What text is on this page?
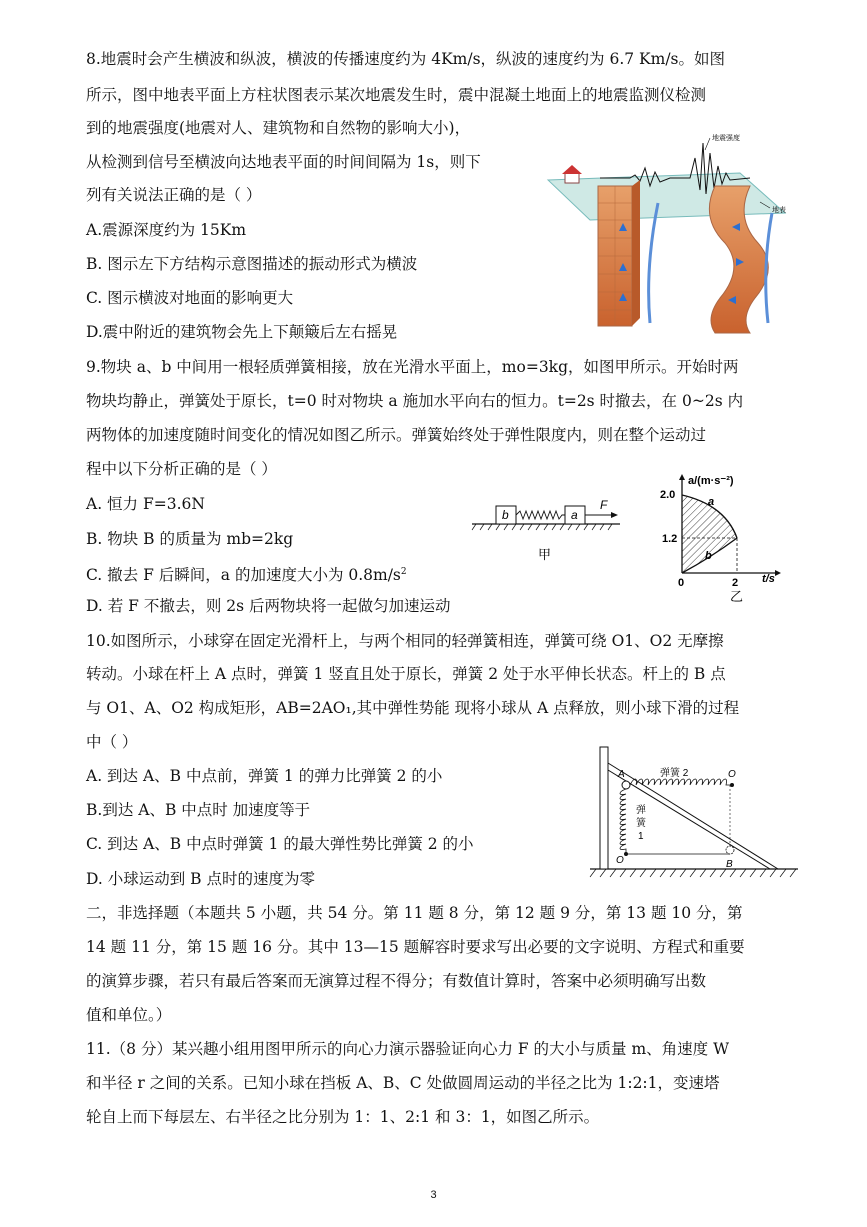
8.地震时会产生横波和纵波，横波的传播速度约为 4Km/s，纵波的速度约为 6.7 Km/s。如图
所示，图中地表平面上方柱状图表示某次地震发生时，震中混凝土地面上的地震监测仪检测
到的地震强度(地震对人、建筑物和自然物的影响大小)，
从检测到信号至横波向达地表平面的时间间隔为 1s，则下
列有关说法正确的是（ ）
A.震源深度约为 15Km
B. 图示左下方结构示意图描述的振动形式为横波
C. 图示横波对地面的影响更大
D.震中附近的建筑物会先上下颠簸后左右摇晃
地震强度
地表
9.物块 a、b 中间用一根轻质弹簧相接，放在光滑水平面上，mo=3kg，如图甲所示。开始时两
物块均静止，弹簧处于原长，t=0 时对物块 a 施加水平向右的恒力。t=2s 时撤去，在 0~2s 内
两物体的加速度随时间变化的情况如图乙所示。弹簧始终处于弹性限度内，则在整个运动过
程中以下分析正确的是（ ）
A. 恒力 F=3.6N
B. 物块 B 的质量为 mb=2kg
C. 撤去 F 后瞬间，a 的加速度大小为 $0.8m/s^2$
D. 若 F 不撤去，则 2s 后两物块将一起做匀加速运动
b	a
F
甲
a/(m·s⁻²)
t/s
2.0
1.2
0	2
a
b
乙
10.如图所示，小球穿在固定光滑杆上，与两个相同的轻弹簧相连，弹簧可绕 O1、O2 无摩擦
转动。小球在杆上 A 点时，弹簧 1 竖直且处于原长，弹簧 2 处于水平伸长状态。杆上的 B 点
与 O1、A、O2 构成矩形，AB=2AO₁,其中弹性势能 现将小球从 A 点释放，则小球下滑的过程
中（ ）
A. 到达 A、B 中点前，弹簧 1 的弹力比弹簧 2 的小
B.到达 A、B 中点时 加速度等于
C. 到达 A、B 中点时弹簧 1 的最大弹性势比弹簧 2 的小
D. 小球运动到 B 点时的速度为零
A
B
O
O
弹簧 2
弹
簧
1
二，非选择题（本题共 5 小题，共 54 分。第 11 题 8 分，第 12 题 9 分，第 13 题 10 分，第
14 题 11 分，第 15 题 16 分。其中 13—15 题解容时要求写出必要的文字说明、方程式和重要
的演算步骤，若只有最后答案而无演算过程不得分；有数值计算时，答案中必须明确写出数
值和单位。）
11.（8 分）某兴趣小组用图甲所示的向心力演示器验证向心力 F 的大小与质量 m、角速度 W
和半径 r 之间的关系。已知小球在挡板 A、B、C 处做圆周运动的半径之比为 1:2:1，变速塔
轮自上而下每层左、右半径之比分别为 1：1、2:1 和 3：1，如图乙所示。
3
